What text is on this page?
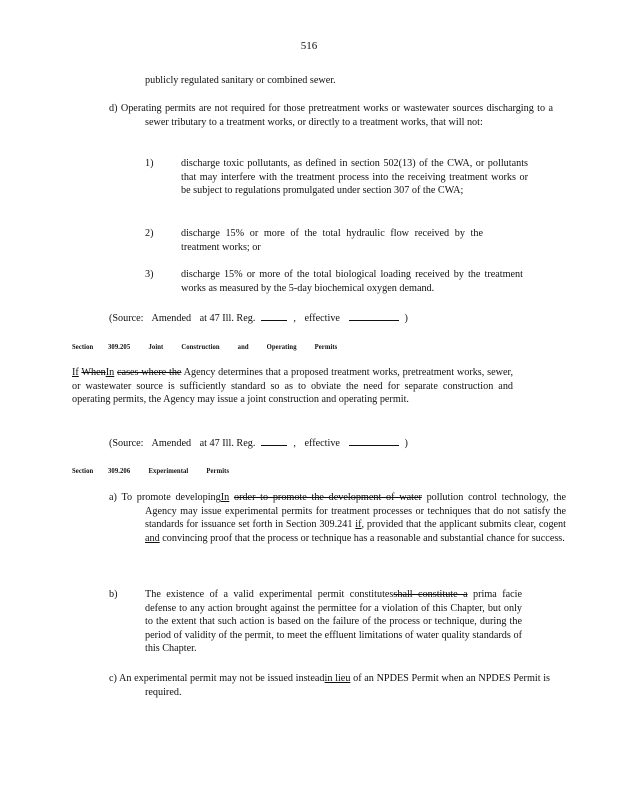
516
publicly regulated sanitary or combined sewer.
d) Operating permits are not required for those pretreatment works or wastewater sources discharging to a sewer tributary to a treatment works, or directly to a treatment works, that will not:
1)	discharge toxic pollutants, as defined in section 502(13) of the CWA, or pollutants that may interfere with the treatment process into the receiving treatment works or be subject to regulations promulgated under section 307 of the CWA;
2)	discharge 15% or more of the total hydraulic flow received by the treatment works; or
3)	discharge 15% or more of the total biological loading received by the treatment works as measured by the 5-day biochemical oxygen demand.
(Source: Amended at 47 Ill. Reg.	, effective	)
Section 309.205 Joint Construction and Operating Permits
If WhenIn cases where the Agency determines that a proposed treatment works, pretreatment works, sewer, or wastewater source is sufficiently standard so as to obviate the need for separate construction and operating permits, the Agency may issue a joint construction and operating permit.
(Source: Amended at 47 Ill. Reg.	, effective	)
Section 309.206 Experimental Permits
a) To promote developingIn order to promote the development of water pollution control technology, the Agency may issue experimental permits for treatment processes or techniques that do not satisfy the standards for issuance set forth in Section 309.241 if, provided that the applicant submits clear, cogent and convincing proof that the process or technique has a reasonable and substantial chance for success.
b)	The existence of a valid experimental permit constitutesshall constitute a prima facie defense to any action brought against the permittee for a violation of this Chapter, but only to the extent that such action is based on the failure of the process or technique, during the period of validity of the permit, to meet the effluent limitations of water quality standards of this Chapter.
c) An experimental permit may not be issued insteadin lieu of an NPDES Permit when an NPDES Permit is required.
